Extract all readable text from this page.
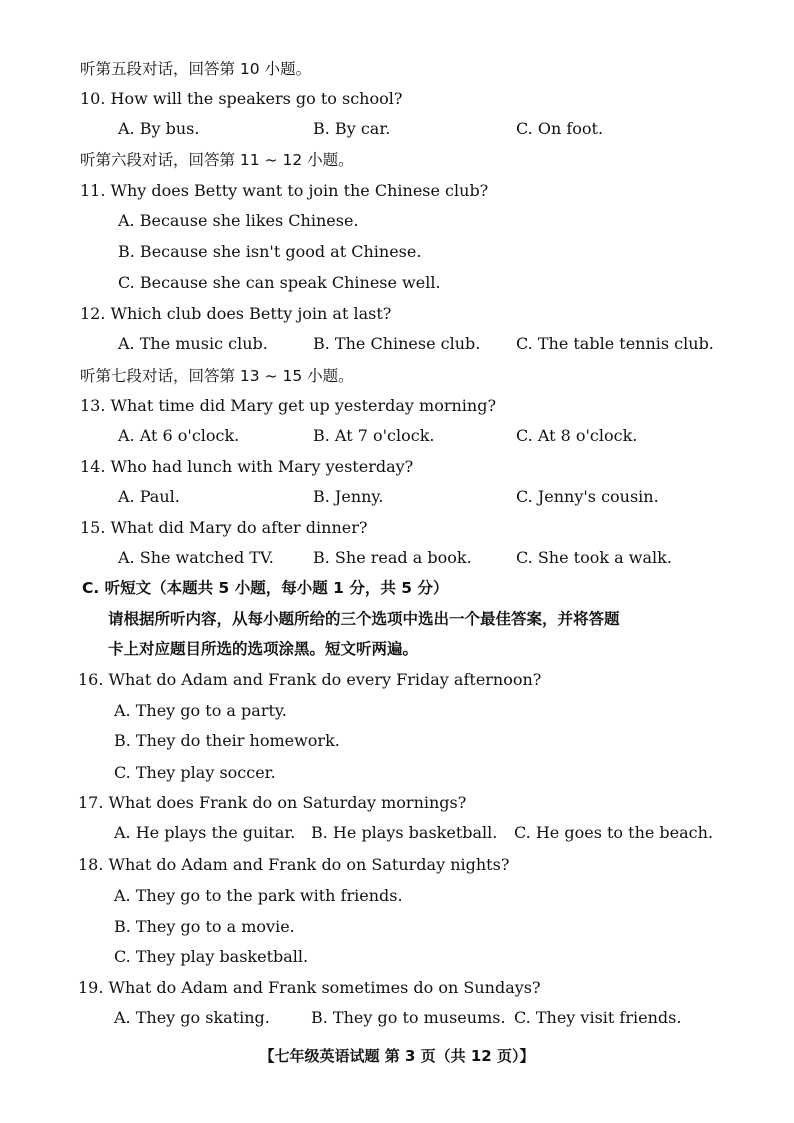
听第五段对话，回答第 10 小题。
10. How will the speakers go to school?
A. By bus.	B. By car.	C. On foot.
听第六段对话，回答第 11 ~ 12 小题。
11. Why does Betty want to join the Chinese club?
A. Because she likes Chinese.
B. Because she isn't good at Chinese.
C. Because she can speak Chinese well.
12. Which club does Betty join at last?
A. The music club.	B. The Chinese club. C. The table tennis club.
听第七段对话，回答第 13 ~ 15 小题。
13. What time did Mary get up yesterday morning?
A. At 6 o'clock.	B. At 7 o'clock.	C. At 8 o'clock.
14. Who had lunch with Mary yesterday?
A. Paul.	B. Jenny.	C. Jenny's cousin.
15. What did Mary do after dinner?
A. She watched TV. B. She read a book.	C. She took a walk.
C. 听短文（本题共 5 小题，每小题 1 分，共 5 分）
请根据所听内容，从每小题所给的三个选项中选出一个最佳答案，并将答题
卡上对应题目所选的选项涂黑。短文听两遍。
16. What do Adam and Frank do every Friday afternoon?
A. They go to a party.
B. They do their homework.
C. They play soccer.
17. What does Frank do on Saturday mornings?
A. He plays the guitar. B. He plays basketball. C. He goes to the beach.
18. What do Adam and Frank do on Saturday nights?
A. They go to the park with friends.
B. They go to a movie.
C. They play basketball.
19. What do Adam and Frank sometimes do on Sundays?
A. They go skating.	B. They go to museums. C. They visit friends.
【七年级英语试题 第 3 页（共 12 页）】
